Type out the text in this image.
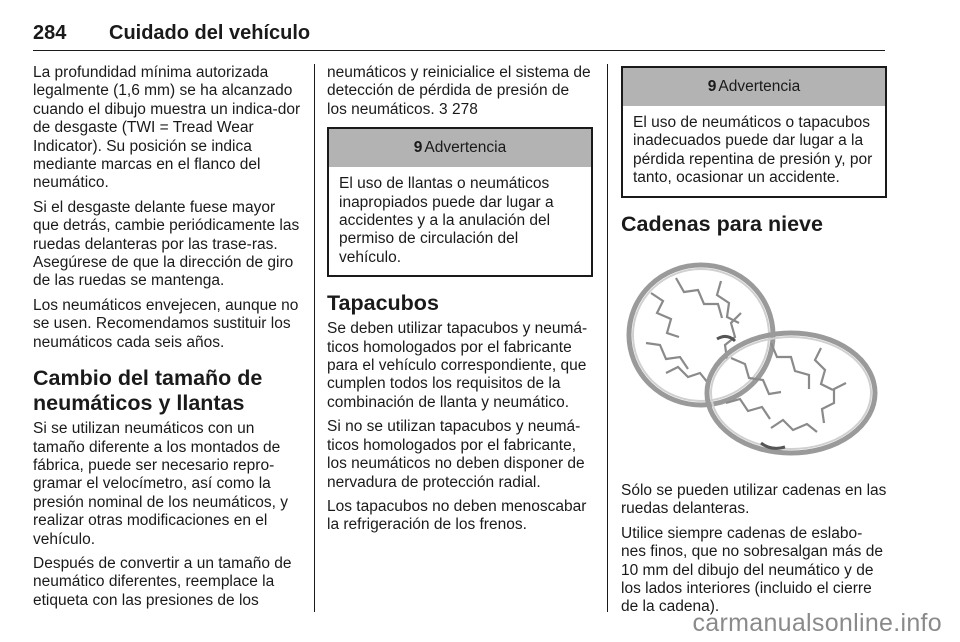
284 Cuidado del vehículo

La profundidad mínima autorizada legalmente (1,6 mm) se ha alcanzado cuando el dibujo muestra un indica-dor de desgaste (TWI = Tread Wear Indicator). Su posición se indica mediante marcas en el flanco del neumático.

Si el desgaste delante fuese mayor que detrás, cambie periódicamente las ruedas delanteras por las trase-ras. Asegúrese de que la dirección de giro de las ruedas se mantenga.

Los neumáticos envejecen, aunque no se usen. Recomendamos sustituir los neumáticos cada seis años.

Cambio del tamaño de neumáticos y llantas

Si se utilizan neumáticos con un tamaño diferente a los montados de fábrica, puede ser necesario repro-gramar el velocímetro, así como la presión nominal de los neumáticos, y realizar otras modificaciones en el vehículo.

Después de convertir a un tamaño de neumático diferentes, reemplace la etiqueta con las presiones de los

neumáticos y reinicialice el sistema de detección de pérdida de presión de los neumáticos. 3 278

9 Advertencia
El uso de llantas o neumáticos inapropiados puede dar lugar a accidentes y a la anulación del permiso de circulación del vehículo.
Tapacubos

Se deben utilizar tapacubos y neumá-ticos homologados por el fabricante para el vehículo correspondiente, que cumplen todos los requisitos de la combinación de llanta y neumático.

Si no se utilizan tapacubos y neumá-ticos homologados por el fabricante, los neumáticos no deben disponer de nervadura de protección radial.

Los tapacubos no deben menoscabar la refrigeración de los frenos.

9 Advertencia
El uso de neumáticos o tapacubos inadecuados puede dar lugar a la pérdida repentina de presión y, por tanto, ocasionar un accidente.
Cadenas para nieve

Sólo se pueden utilizar cadenas en las ruedas delanteras.

Utilice siempre cadenas de eslabo-nes finos, que no sobresalgan más de 10 mm del dibujo del neumático y de los lados interiores (incluido el cierre de la cadena).

carmanualsonline.info
